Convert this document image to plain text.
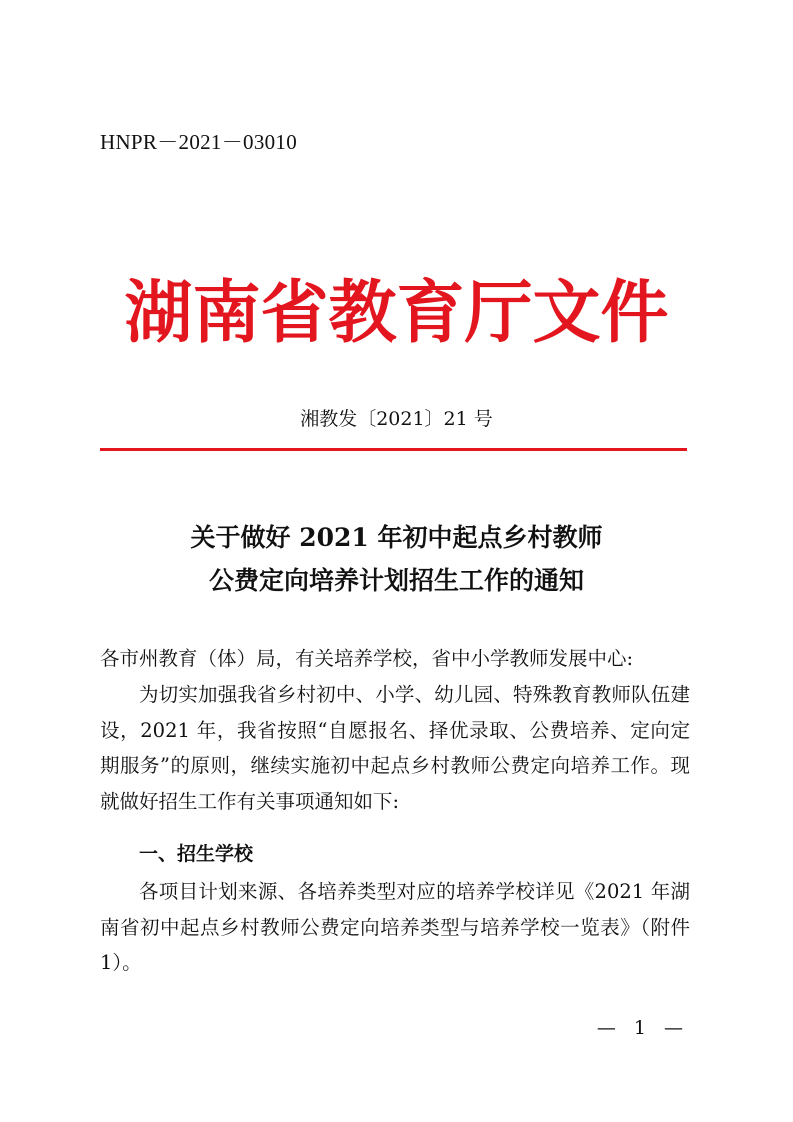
HNPR－2021－03010
湖南省教育厅文件
湘教发〔2021〕21 号
关于做好 2021 年初中起点乡村教师
公费定向培养计划招生工作的通知
各市州教育（体）局，有关培养学校，省中小学教师发展中心:
为切实加强我省乡村初中、小学、幼儿园、特殊教育教师队伍建设，2021 年，我省按照“自愿报名、择优录取、公费培养、定向定期服务”的原则，继续实施初中起点乡村教师公费定向培养工作。现就做好招生工作有关事项通知如下:
一、招生学校
各项目计划来源、各培养类型对应的培养学校详见《2021 年湖南省初中起点乡村教师公费定向培养类型与培养学校一览表》（附件 1）。
— 1 —
